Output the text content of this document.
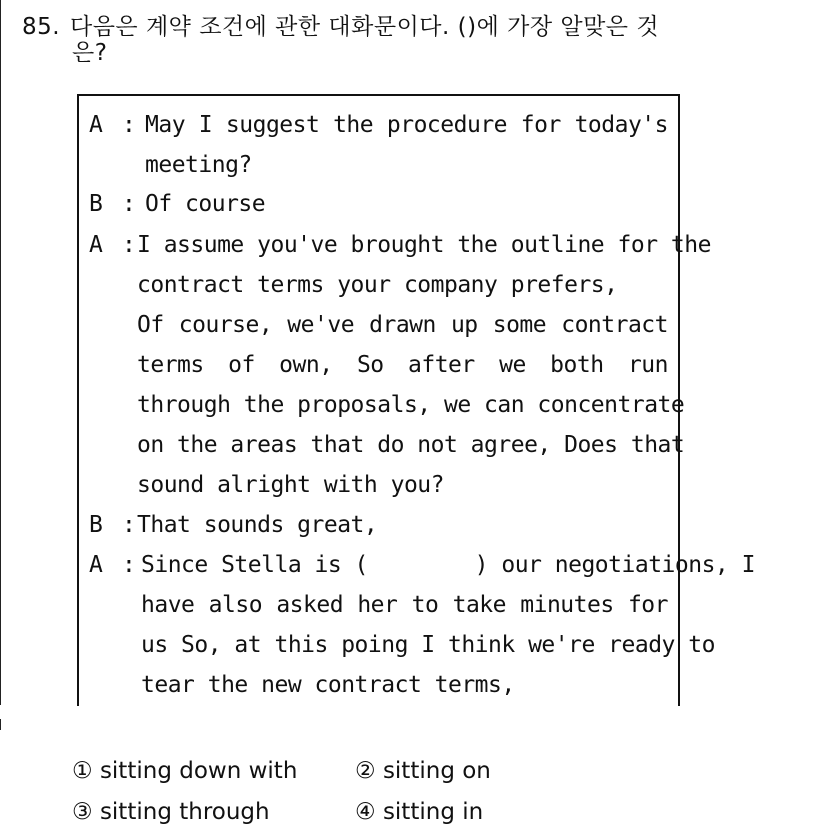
85. 다음은 계약 조건에 관한 대화문이다. ()에 가장 알맞은 것
은?
A : May I suggest the procedure for today's
meeting?
B : Of course
A : I assume you've brought the outline for the
contract terms your company prefers,
Of course, we've drawn up some contract
terms of own, So after we both run
through the proposals, we can concentrate
on the areas that do not agree, Does that
sound alright with you?
B : That sounds great,
A : Since Stella is (        ) our negotiations, I
have also asked her to take minutes for
us So, at this poing I think we're ready to
tear the new contract terms,
① sitting down with	② sitting on
③ sitting through	④ sitting in
